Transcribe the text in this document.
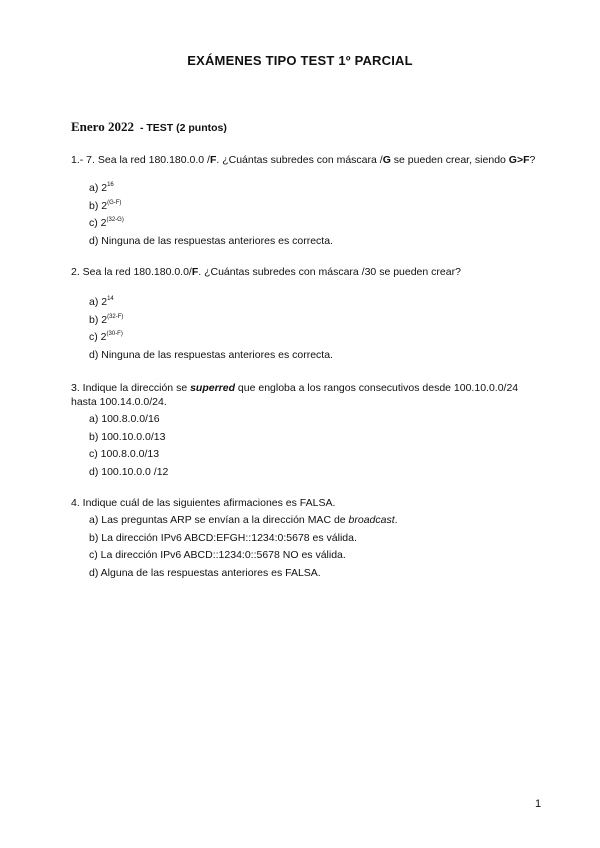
EXÁMENES TIPO TEST 1º PARCIAL
Enero 2022 - TEST (2 puntos)
1.- 7. Sea la red 180.180.0.0 /F. ¿Cuántas subredes con máscara /G se pueden crear, siendo G>F?
a) $2^{16}$
b) $2^{(G-F)}$
c) $2^{(32-G)}$
d) Ninguna de las respuestas anteriores es correcta.
2. Sea la red 180.180.0.0/F. ¿Cuántas subredes con máscara /30 se pueden crear?
a) $2^{14}$
b) $2^{(32-F)}$
c) $2^{(30-F)}$
d) Ninguna de las respuestas anteriores es correcta.
3. Indique la dirección se superred que engloba a los rangos consecutivos desde 100.10.0.0/24
hasta 100.14.0.0/24.
a) 100.8.0.0/16
b) 100.10.0.0/13
c) 100.8.0.0/13
d) 100.10.0.0 /12
4. Indique cuál de las siguientes afirmaciones es FALSA.
a) Las preguntas ARP se envían a la dirección MAC de broadcast.
b) La dirección IPv6 ABCD:EFGH::1234:0:5678 es válida.
c) La dirección IPv6 ABCD::1234:0::5678 NO es válida.
d) Alguna de las respuestas anteriores es FALSA.
1
